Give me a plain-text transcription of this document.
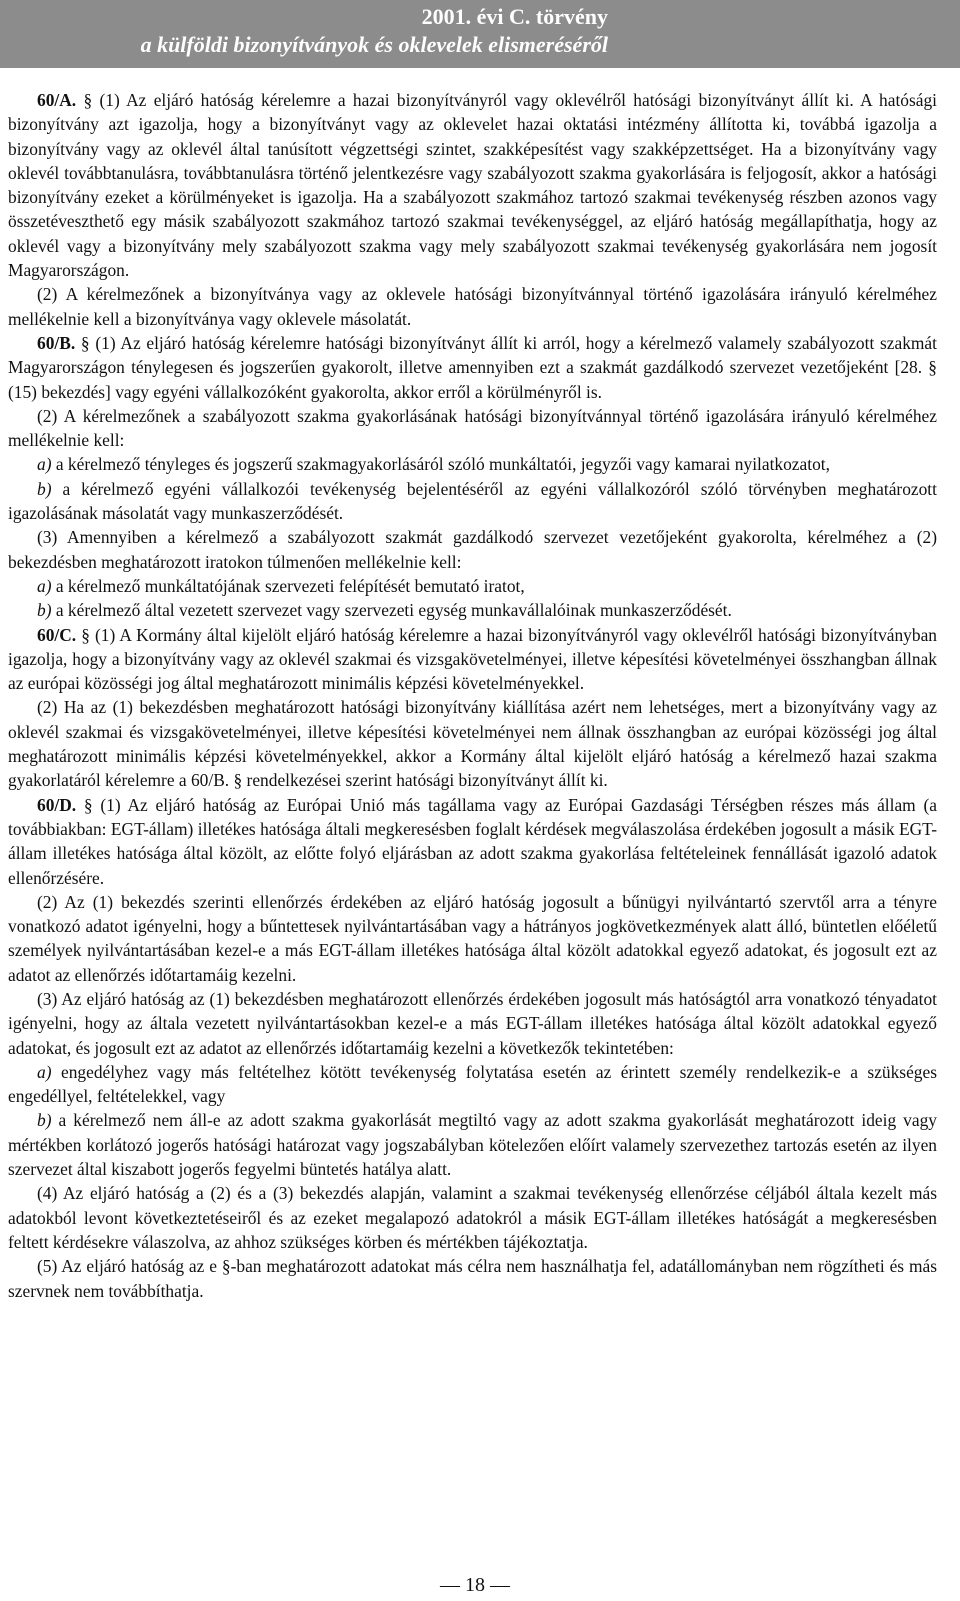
2001. évi C. törvény
a külföldi bizonyítványok és oklevelek elismeréséről

60/A. § (1) Az eljáró hatóság kérelemre a hazai bizonyítványról vagy oklevélről hatósági bizonyítványt állít ki. A hatósági bizonyítvány azt igazolja, hogy a bizonyítványt vagy az oklevelet hazai oktatási intézmény állította ki, továbbá igazolja a bizonyítvány vagy az oklevél által tanúsított végzettségi szintet, szakképesítést vagy szakképzettséget. Ha a bizonyítvány vagy oklevél továbbtanulásra, továbbtanulásra történő jelentkezésre vagy szabályozott szakma gyakorlására is feljogosít, akkor a hatósági bizonyítvány ezeket a körülményeket is igazolja. Ha a szabályozott szakmához tartozó szakmai tevékenység részben azonos vagy összetéveszthető egy másik szabályozott szakmához tartozó szakmai tevékenységgel, az eljáró hatóság megállapíthatja, hogy az oklevél vagy a bizonyítvány mely szabályozott szakma vagy mely szabályozott szakmai tevékenység gyakorlására nem jogosít Magyarországon.

(2) A kérelmezőnek a bizonyítványa vagy az oklevele hatósági bizonyítvánnyal történő igazolására irányuló kérelméhez mellékelnie kell a bizonyítványa vagy oklevele másolatát.

60/B. § (1) Az eljáró hatóság kérelemre hatósági bizonyítványt állít ki arról, hogy a kérelmező valamely szabályozott szakmát Magyarországon ténylegesen és jogszerűen gyakorolt, illetve amennyiben ezt a szakmát gazdálkodó szervezet vezetőjeként [28. § (15) bekezdés] vagy egyéni vállalkozóként gyakorolta, akkor erről a körülményről is.

(2) A kérelmezőnek a szabályozott szakma gyakorlásának hatósági bizonyítvánnyal történő igazolására irányuló kérelméhez mellékelnie kell:

a) a kérelmező tényleges és jogszerű szakmagyakorlásáról szóló munkáltatói, jegyzői vagy kamarai nyilatkozatot,

b) a kérelmező egyéni vállalkozói tevékenység bejelentéséről az egyéni vállalkozóról szóló törvényben meghatározott igazolásának másolatát vagy munkaszerződését.

(3) Amennyiben a kérelmező a szabályozott szakmát gazdálkodó szervezet vezetőjeként gyakorolta, kérelméhez a (2) bekezdésben meghatározott iratokon túlmenően mellékelnie kell:

a) a kérelmező munkáltatójának szervezeti felépítését bemutató iratot,

b) a kérelmező által vezetett szervezet vagy szervezeti egység munkavállalóinak munkaszerződését.

60/C. § (1) A Kormány által kijelölt eljáró hatóság kérelemre a hazai bizonyítványról vagy oklevélről hatósági bizonyítványban igazolja, hogy a bizonyítvány vagy az oklevél szakmai és vizsgakövetelményei, illetve képesítési követelményei összhangban állnak az európai közösségi jog által meghatározott minimális képzési követelményekkel.

(2) Ha az (1) bekezdésben meghatározott hatósági bizonyítvány kiállítása azért nem lehetséges, mert a bizonyítvány vagy az oklevél szakmai és vizsgakövetelményei, illetve képesítési követelményei nem állnak összhangban az európai közösségi jog által meghatározott minimális képzési követelményekkel, akkor a Kormány által kijelölt eljáró hatóság a kérelmező hazai szakma gyakorlatáról kérelemre a 60/B. § rendelkezései szerint hatósági bizonyítványt állít ki.

60/D. § (1) Az eljáró hatóság az Európai Unió más tagállama vagy az Európai Gazdasági Térségben részes más állam (a továbbiakban: EGT-állam) illetékes hatósága általi megkeresésben foglalt kérdések megválaszolása érdekében jogosult a másik EGT-állam illetékes hatósága által közölt, az előtte folyó eljárásban az adott szakma gyakorlása feltételeinek fennállását igazoló adatok ellenőrzésére.

(2) Az (1) bekezdés szerinti ellenőrzés érdekében az eljáró hatóság jogosult a bűnügyi nyilvántartó szervtől arra a tényre vonatkozó adatot igényelni, hogy a bűntettesek nyilvántartásában vagy a hátrányos jogkövetkezmények alatt álló, büntetlen előéletű személyek nyilvántartásában kezel-e a más EGT-állam illetékes hatósága által közölt adatokkal egyező adatokat, és jogosult ezt az adatot az ellenőrzés időtartamáig kezelni.

(3) Az eljáró hatóság az (1) bekezdésben meghatározott ellenőrzés érdekében jogosult más hatóságtól arra vonatkozó tényadatot igényelni, hogy az általa vezetett nyilvántartásokban kezel-e a más EGT-állam illetékes hatósága által közölt adatokkal egyező adatokat, és jogosult ezt az adatot az ellenőrzés időtartamáig kezelni a következők tekintetében:

a) engedélyhez vagy más feltételhez kötött tevékenység folytatása esetén az érintett személy rendelkezik-e a szükséges engedéllyel, feltételekkel, vagy

b) a kérelmező nem áll-e az adott szakma gyakorlását megtiltó vagy az adott szakma gyakorlását meghatározott ideig vagy mértékben korlátozó jogerős hatósági határozat vagy jogszabályban kötelezően előírt valamely szervezethez tartozás esetén az ilyen szervezet által kiszabott jogerős fegyelmi büntetés hatálya alatt.

(4) Az eljáró hatóság a (2) és a (3) bekezdés alapján, valamint a szakmai tevékenység ellenőrzése céljából általa kezelt más adatokból levont következtetéseiről és az ezeket megalapozó adatokról a másik EGT-állam illetékes hatóságát a megkeresésben feltett kérdésekre válaszolva, az ahhoz szükséges körben és mértékben tájékoztatja.

(5) Az eljáró hatóság az e §-ban meghatározott adatokat más célra nem használhatja fel, adatállományban nem rögzítheti és más szervnek nem továbbíthatja.

— 18 —
